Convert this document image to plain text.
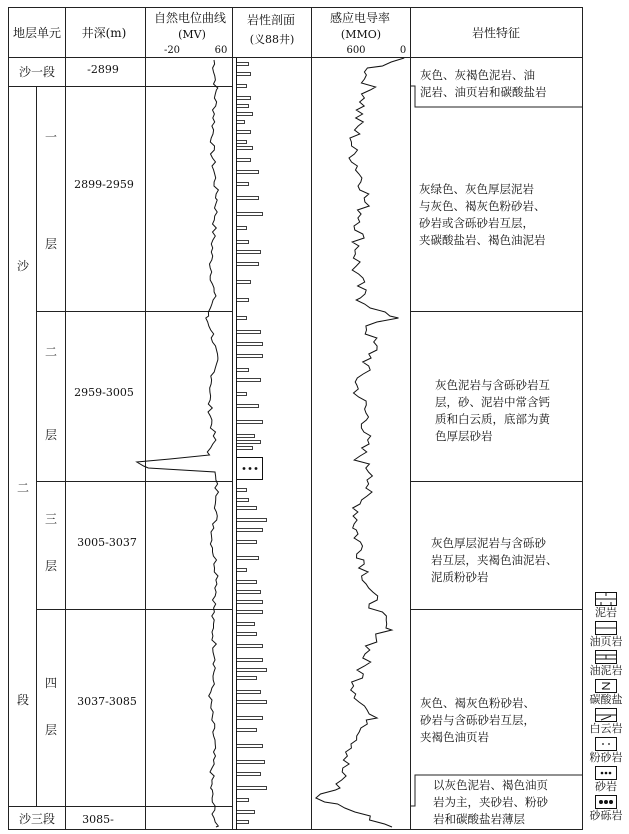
地层单元 井深(m)
自然电位曲线
(MV)
-20	60
岩性剖面
(义88井)
感应电导率
(MMO)
600	0
岩性特征
沙一段
沙三段
沙
二
段
一
层
二
层
三
层
四
层
-2899
2899-2959
2959-3005
3005-3037
3037-3085
3085-
灰色、灰褐色泥岩、油
泥岩、油页岩和碳酸盐岩
灰绿色、灰色厚层泥岩
与灰色、褐灰色粉砂岩、
砂岩或含砾砂岩互层，
夹碳酸盐岩、褐色油泥岩
灰色泥岩与含砾砂岩互
层，砂、泥岩中常含钙
质和白云质，底部为黄
色厚层砂岩
灰色厚层泥岩与含砾砂
岩互层，夹褐色油泥岩、
泥质粉砂岩
灰色、褐灰色粉砂岩、
砂岩与含砾砂岩互层，
夹褐色油页岩
以灰色泥岩、褐色油页
岩为主，夹砂岩、粉砂
岩和碳酸盐岩薄层
泥岩
油页岩
油泥岩
碳酸盐
白云岩
粉砂岩
砂岩
砂砾岩
